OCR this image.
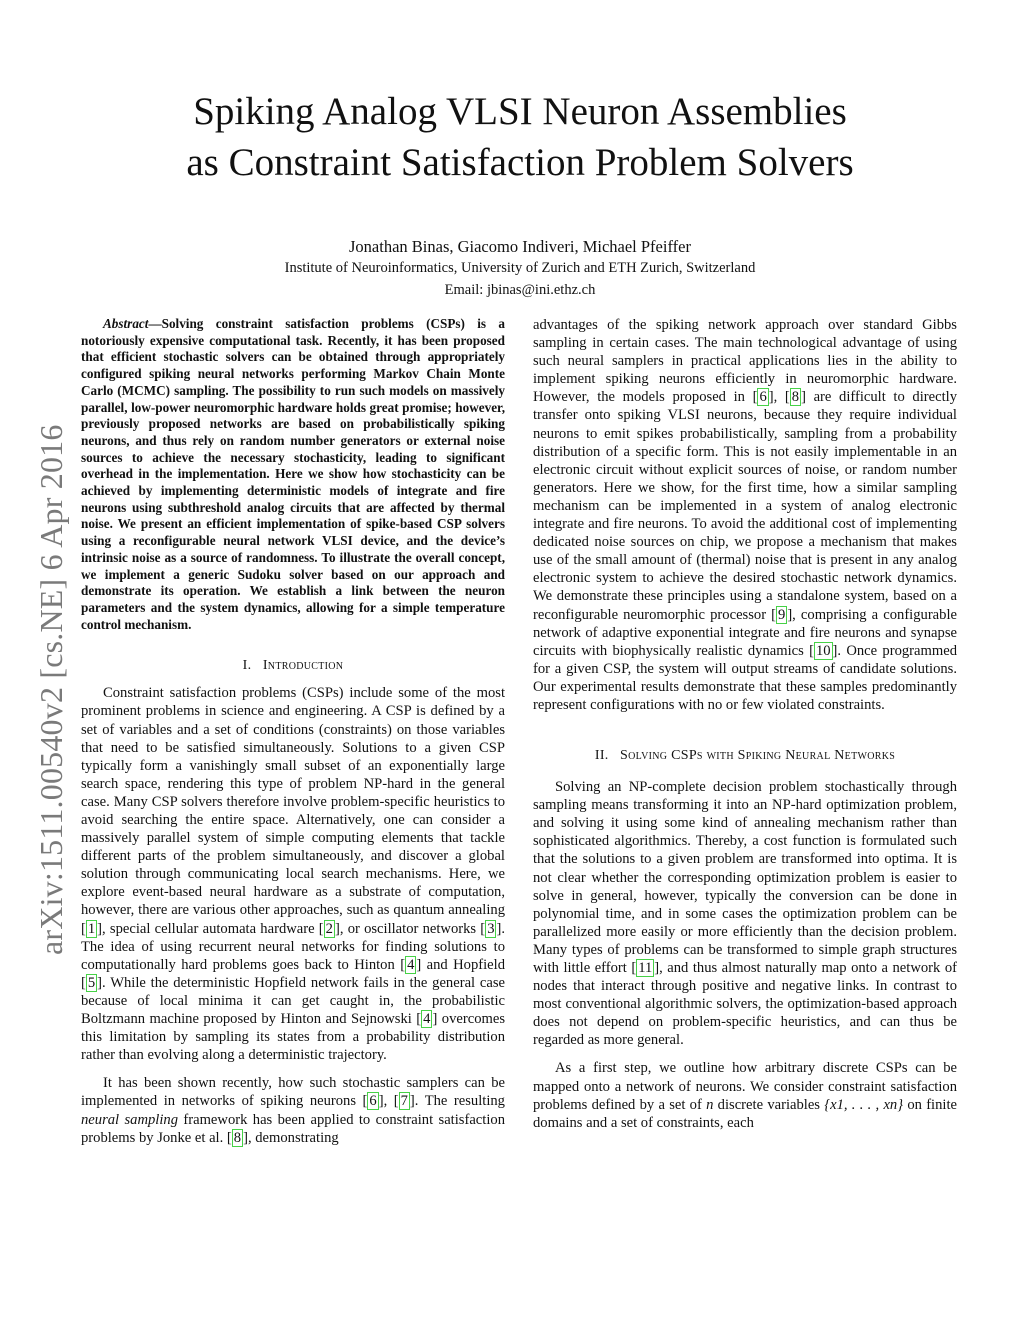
arXiv:1511.00540v2 [cs.NE] 6 Apr 2016
Spiking Analog VLSI Neuron Assemblies
as Constraint Satisfaction Problem Solvers
Jonathan Binas, Giacomo Indiveri, Michael Pfeiffer
Institute of Neuroinformatics, University of Zurich and ETH Zurich, Switzerland
Email: jbinas@ini.ethz.ch

Abstract—Solving constraint satisfaction problems (CSPs) is a notoriously expensive computational task. Recently, it has been proposed that efficient stochastic solvers can be obtained through appropriately configured spiking neural networks performing Markov Chain Monte Carlo (MCMC) sampling. The possibility to run such models on massively parallel, low-power neuromorphic hardware holds great promise; however, previously proposed networks are based on probabilistically spiking neurons, and thus rely on random number generators or external noise sources to achieve the necessary stochasticity, leading to significant overhead in the implementation. Here we show how stochasticity can be achieved by implementing deterministic models of integrate and fire neurons using subthreshold analog circuits that are affected by thermal noise. We present an efficient implementation of spike-based CSP solvers using a reconfigurable neural network VLSI device, and the device’s intrinsic noise as a source of randomness. To illustrate the overall concept, we implement a generic Sudoku solver based on our approach and demonstrate its operation. We establish a link between the neuron parameters and the system dynamics, allowing for a simple temperature control mechanism.

I. Introduction

Constraint satisfaction problems (CSPs) include some of the most prominent problems in science and engineering. A CSP is defined by a set of variables and a set of conditions (constraints) on those variables that need to be satisfied simultaneously. Solutions to a given CSP typically form a vanishingly small subset of an exponentially large search space, rendering this type of problem NP-hard in the general case. Many CSP solvers therefore involve problem-specific heuristics to avoid searching the entire space. Alternatively, one can consider a massively parallel system of simple computing elements that tackle different parts of the problem simultaneously, and discover a global solution through communicating local search mechanisms. Here, we explore event-based neural hardware as a substrate of computation, however, there are various other approaches, such as quantum annealing [ 1 ], special cellular automata hardware [ 2 ], or oscillator networks [ 3 ]. The idea of using recurrent neural networks for finding solutions to computationally hard problems goes back to Hinton [ 4 ] and Hopfield [ 5 ]. While the deterministic Hopfield network fails in the general case because of local minima it can get caught in, the probabilistic Boltzmann machine proposed by Hinton and Sejnowski [ 4 ] overcomes this limitation by sampling its states from a probability distribution rather than evolving along a deterministic trajectory.

It has been shown recently, how such stochastic samplers can be implemented in networks of spiking neurons [ 6 ], [ 7 ]. The resulting neural sampling framework has been applied to constraint satisfaction problems by Jonke et al. [ 8 ], demonstrating

advantages of the spiking network approach over standard Gibbs sampling in certain cases. The main technological advantage of using such neural samplers in practical applications lies in the ability to implement spiking neurons efficiently in neuromorphic hardware. However, the models proposed in [ 6 ], [ 8 ] are difficult to directly transfer onto spiking VLSI neurons, because they require individual neurons to emit spikes probabilistically, sampling from a probability distribution of a specific form. This is not easily implementable in an electronic circuit without explicit sources of noise, or random number generators. Here we show, for the first time, how a similar sampling mechanism can be implemented in a system of analog electronic integrate and fire neurons. To avoid the additional cost of implementing dedicated noise sources on chip, we propose a mechanism that makes use of the small amount of (thermal) noise that is present in any analog electronic system to achieve the desired stochastic network dynamics. We demonstrate these principles using a standalone system, based on a reconfigurable neuromorphic processor [ 9 ], comprising a configurable network of adaptive exponential integrate and fire neurons and synapse circuits with biophysically realistic dynamics [ 10 ]. Once programmed for a given CSP, the system will output streams of candidate solutions. Our experimental results demonstrate that these samples predominantly represent configurations with no or few violated constraints.

II. Solving CSPs with Spiking Neural Networks

Solving an NP-complete decision problem stochastically through sampling means transforming it into an NP-hard optimization problem, and solving it using some kind of annealing mechanism rather than sophisticated algorithmics. Thereby, a cost function is formulated such that the solutions to a given problem are transformed into optima. It is not clear whether the corresponding optimization problem is easier to solve in general, however, typically the conversion can be done in polynomial time, and in some cases the optimization problem can be parallelized more easily or more efficiently than the decision problem. Many types of problems can be transformed to simple graph structures with little effort [ 11 ], and thus almost naturally map onto a network of nodes that interact through positive and negative links. In contrast to most conventional algorithmic solvers, the optimization-based approach does not depend on problem-specific heuristics, and can thus be regarded as more general.

As a first step, we outline how arbitrary discrete CSPs can be mapped onto a network of neurons. We consider constraint satisfaction problems defined by a set of n discrete variables {x1, . . . , xn} on finite domains and a set of constraints, each
